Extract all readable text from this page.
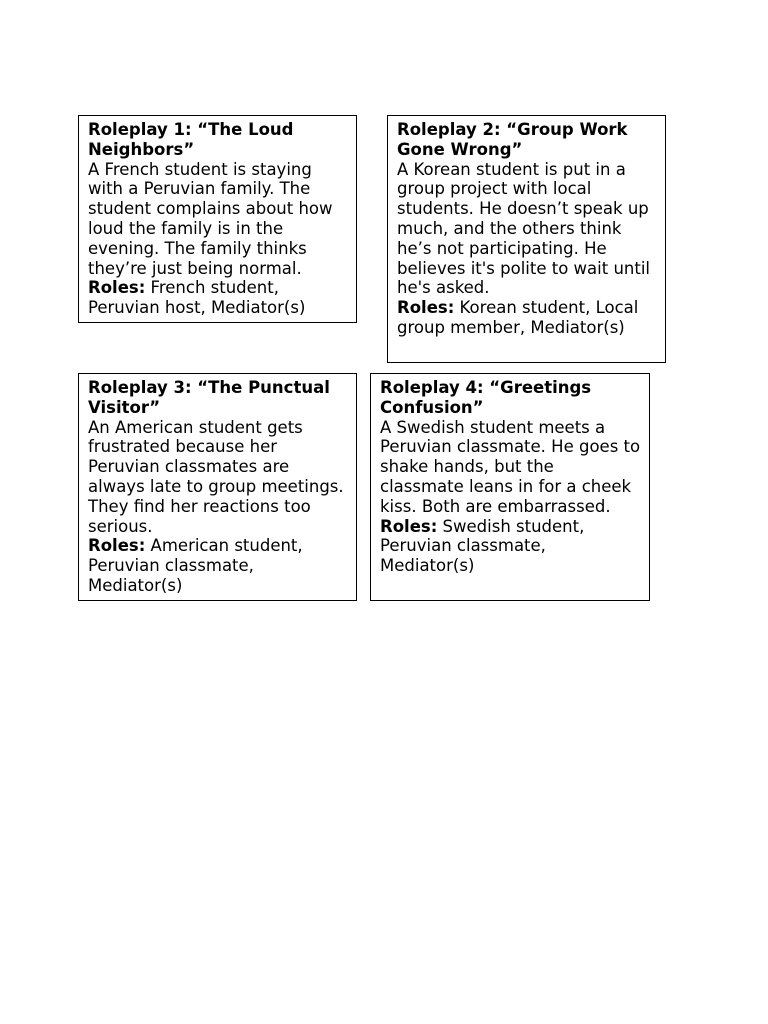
Roleplay 1: “The Loud Neighbors”
A French student is staying with a Peruvian family. The student complains about how loud the family is in the evening. The family thinks they’re just being normal.
Roles: French student, Peruvian host, Mediator(s)
Roleplay 2: “Group Work Gone Wrong”
A Korean student is put in a group project with local students. He doesn’t speak up much, and the others think he’s not participating. He believes it's polite to wait until he's asked.
Roles: Korean student, Local group member, Mediator(s)
Roleplay 3: “The Punctual Visitor”
An American student gets frustrated because her Peruvian classmates are always late to group meetings. They find her reactions too serious.
Roles: American student, Peruvian classmate, Mediator(s)
Roleplay 4: “Greetings Confusion”
A Swedish student meets a Peruvian classmate. He goes to shake hands, but the classmate leans in for a cheek kiss. Both are embarrassed.
Roles: Swedish student, Peruvian classmate, Mediator(s)
